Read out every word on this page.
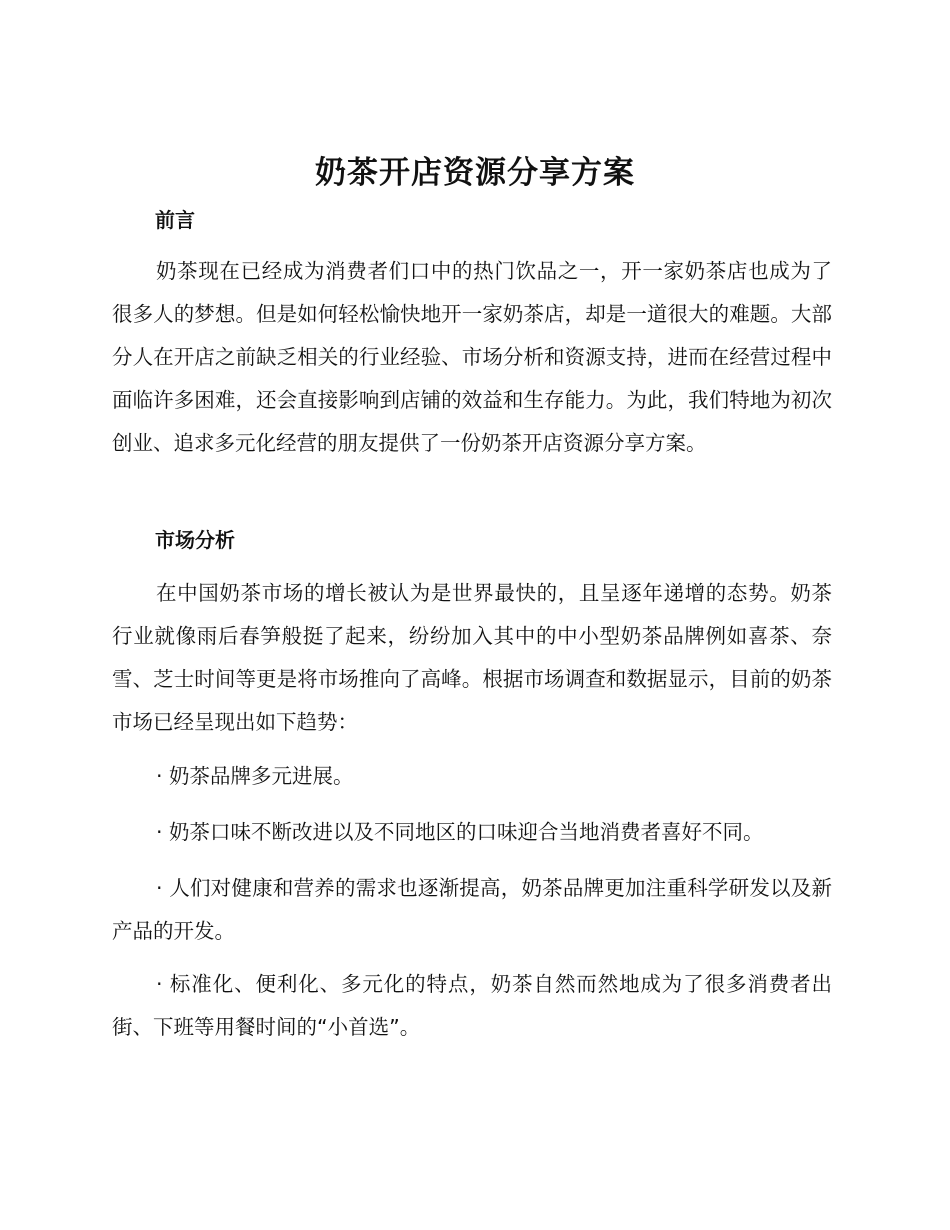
奶茶开店资源分享方案
前言

奶茶现在已经成为消费者们口中的热门饮品之一，开一家奶茶店也成为了很多人的梦想。但是如何轻松愉快地开一家奶茶店，却是一道很大的难题。大部分人在开店之前缺乏相关的行业经验、市场分析和资源支持，进而在经营过程中面临许多困难，还会直接影响到店铺的效益和生存能力。为此，我们特地为初次创业、追求多元化经营的朋友提供了一份奶茶开店资源分享方案。

市场分析

在中国奶茶市场的增长被认为是世界最快的，且呈逐年递增的态势。奶茶行业就像雨后春笋般挺了起来，纷纷加入其中的中小型奶茶品牌例如喜茶、奈雪、芝士时间等更是将市场推向了高峰。根据市场调查和数据显示，目前的奶茶市场已经呈现出如下趋势：

· 奶茶品牌多元进展。

· 奶茶口味不断改进以及不同地区的口味迎合当地消费者喜好不同。

· 人们对健康和营养的需求也逐渐提高，奶茶品牌更加注重科学研发以及新产品的开发。

· 标准化、便利化、多元化的特点，奶茶自然而然地成为了很多消费者出街、下班等用餐时间的“小首选”。
